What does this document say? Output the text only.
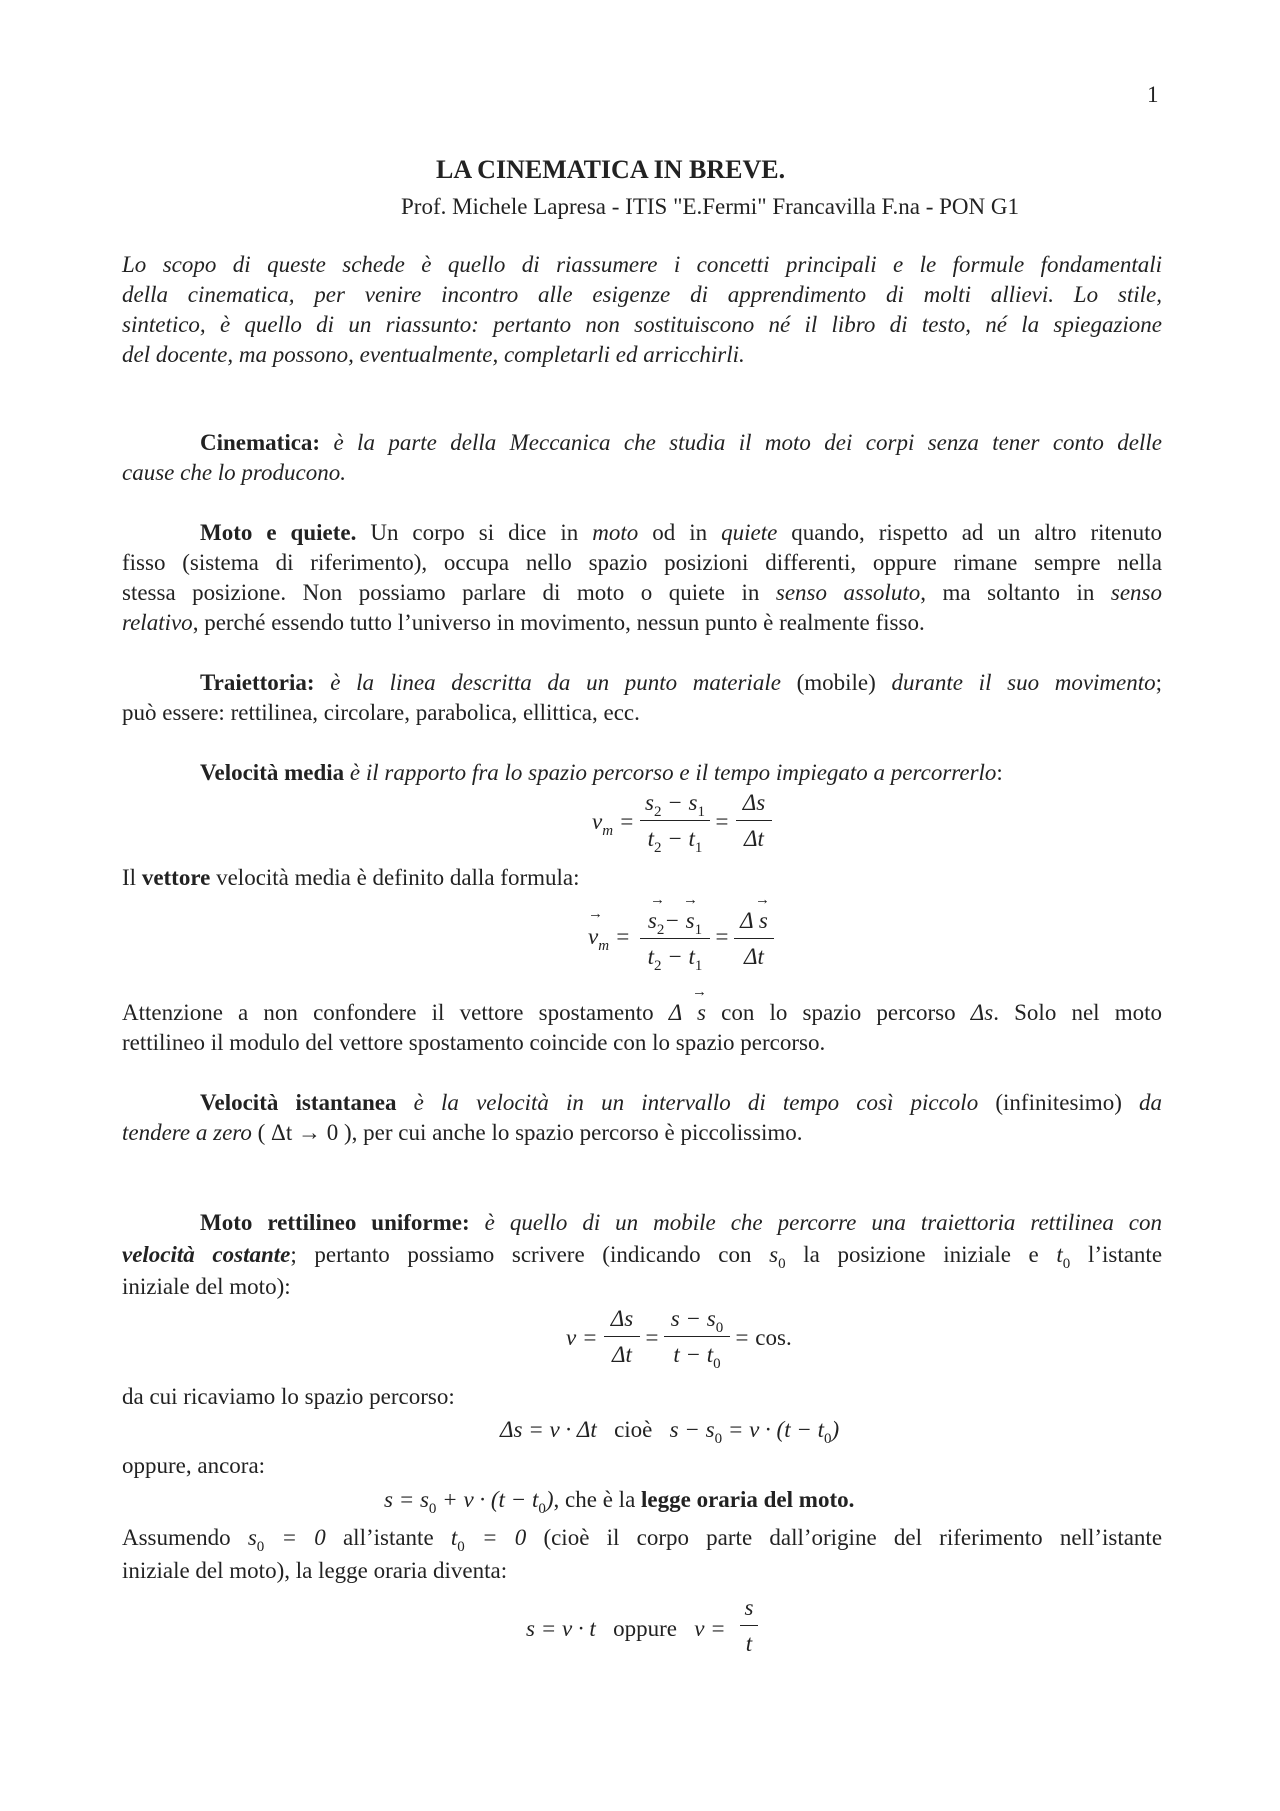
1
LA CINEMATICA IN BREVE.
Prof. Michele Lapresa - ITIS "E.Fermi" Francavilla F.na - PON G1
Lo scopo di queste schede è quello di riassumere i concetti principali e le formule fondamentali
della cinematica, per venire incontro alle esigenze di apprendimento di molti allievi. Lo stile,
sintetico, è quello di un riassunto: pertanto non sostituiscono né il libro di testo, né la spiegazione
del docente, ma possono, eventualmente, completarli ed arricchirli.
Cinematica: è la parte della Meccanica che studia il moto dei corpi senza tener conto delle
cause che lo producono.
Moto e quiete. Un corpo si dice in moto od in quiete quando, rispetto ad un altro ritenuto
fisso (sistema di riferimento), occupa nello spazio posizioni differenti, oppure rimane sempre nella
stessa posizione. Non possiamo parlare di moto o quiete in senso assoluto, ma soltanto in senso
relativo, perché essendo tutto l’universo in movimento, nessun punto è realmente fisso.
Traiettoria: è la linea descritta da un punto materiale (mobile) durante il suo movimento;
può essere: rettilinea, circolare, parabolica, ellittica, ecc.
Velocità media è il rapporto fra lo spazio percorso e il tempo impiegato a percorrerlo:
$v_m$ =
$s_2 - s_1$
$t_2 - t_1$
=
Δs
Δt
Il vettore velocità media è definito dalla formula:
→
$v_m$ =
→ →
$s_2- s_1$
$t_2 - t_1$
=
→
Δ s
Δt
→
Attenzione a non confondere il vettore spostamento Δ s con lo spazio percorso Δs. Solo nel moto
rettilineo il modulo del vettore spostamento coincide con lo spazio percorso.
Velocità istantanea è la velocità in un intervallo di tempo così piccolo (infinitesimo) da
tendere a zero ( Δt → 0 ), per cui anche lo spazio percorso è piccolissimo.
Moto rettilineo uniforme: è quello di un mobile che percorre una traiettoria rettilinea con
velocità costante; pertanto possiamo scrivere (indicando con $s_0$ la posizione iniziale e $t_0$ l’istante
iniziale del moto):
v =
Δs
Δt
=
$s - s_0$
$t - t_0$
= cos.
da cui ricaviamo lo spazio percorso:
Δs = v · Δt cioè $s - s_0 = v \cdot (t - t_0)$
oppure, ancora:
$s = s_0 + v \cdot (t - t_0)$, che è la legge oraria del moto.
Assumendo $s_0 = 0$ all’istante $t_0 = 0$ (cioè il corpo parte dall’origine del riferimento nell’istante
iniziale del moto), la legge oraria diventa:
s = v · t oppure v =
s
t
